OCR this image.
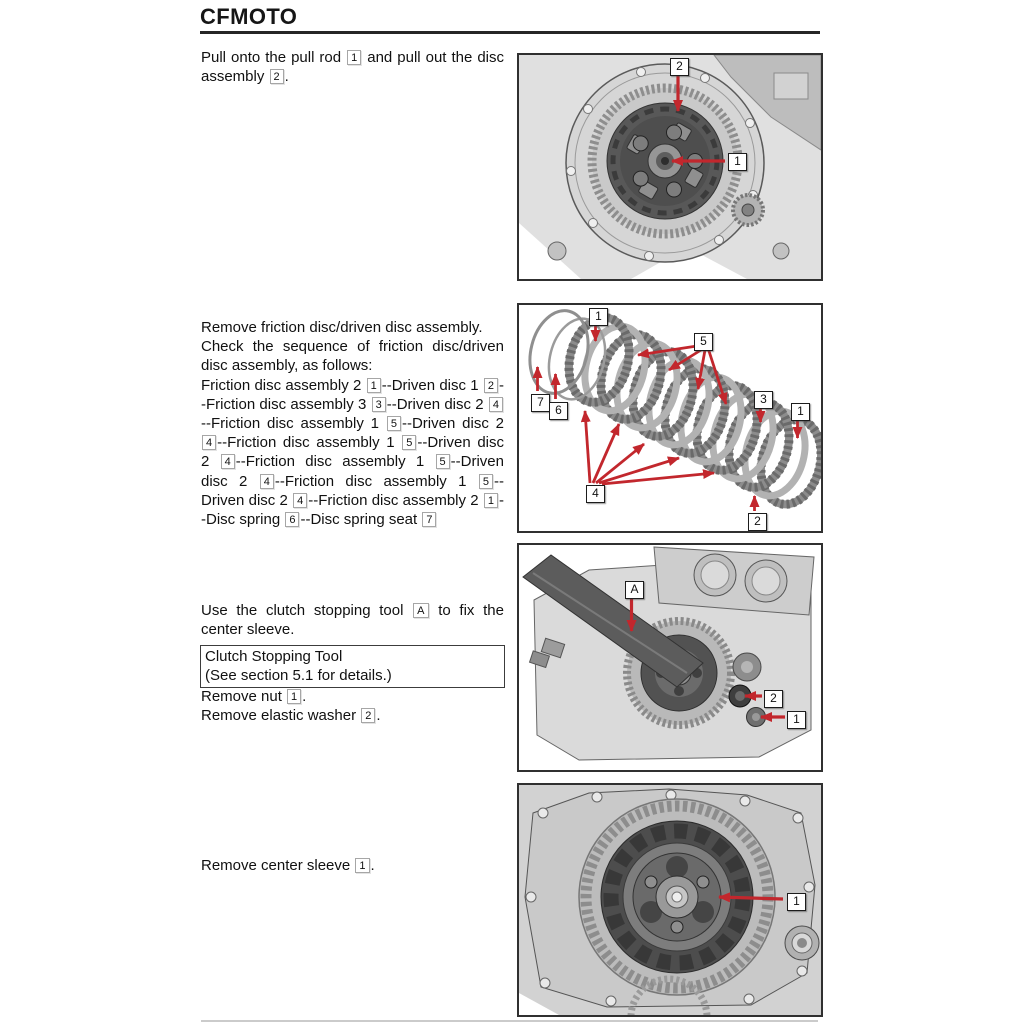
CFMOTO

Pull onto the pull rod 1 and pull out the disc assembly 2 .

Remove friction disc/driven disc assembly.

Check the sequence of friction disc/driven disc assembly, as follows:

Friction disc assembly 2 1 --Driven disc 1 2 --Friction disc assembly 3 3 --Driven disc 2 4--Friction disc assembly 1 5 --Driven disc 2 4 --Friction disc assembly 1 5 --Driven disc 2 4 --Friction disc assembly 1 5 --Driven disc 2 4 --Friction disc assembly 1 5 --Driven disc 2 4 --Friction disc assembly 2 1 --Disc spring 6 --Disc spring seat 7

Use the clutch stopping tool A to fix the center sleeve.

Clutch Stopping Tool
(See section 5.1 for details.)

Remove nut 1 .

Remove elastic washer 2 .

Remove center sleeve 1 .

2
1
1
5
7
6
3
1
4
2
A
2
1
1
